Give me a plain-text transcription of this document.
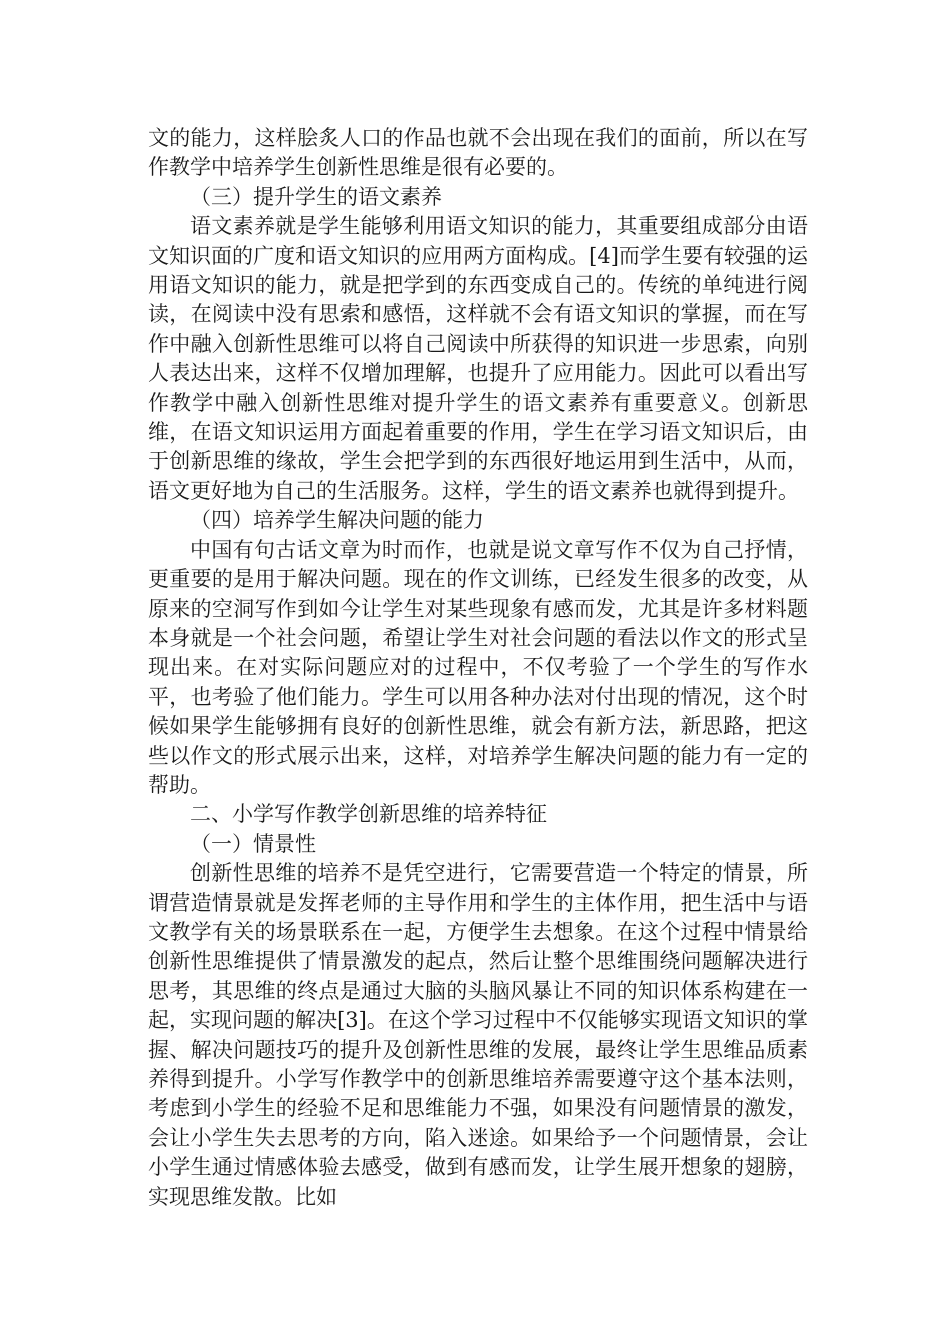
文的能力，这样脍炙人口的作品也就不会出现在我们的面前，所以在写作教学中培养学生创新性思维是很有必要的。

（三）提升学生的语文素养

语文素养就是学生能够利用语文知识的能力，其重要组成部分由语文知识面的广度和语文知识的应用两方面构成。[4]而学生要有较强的运用语文知识的能力，就是把学到的东西变成自己的。传统的单纯进行阅读，在阅读中没有思索和感悟，这样就不会有语文知识的掌握，而在写作中融入创新性思维可以将自己阅读中所获得的知识进一步思索，向别人表达出来，这样不仅增加理解，也提升了应用能力。因此可以看出写作教学中融入创新性思维对提升学生的语文素养有重要意义。创新思维，在语文知识运用方面起着重要的作用，学生在学习语文知识后，由于创新思维的缘故，学生会把学到的东西很好地运用到生活中，从而，语文更好地为自己的生活服务。这样，学生的语文素养也就得到提升。

（四）培养学生解决问题的能力

中国有句古话文章为时而作，也就是说文章写作不仅为自己抒情，更重要的是用于解决问题。现在的作文训练，已经发生很多的改变，从原来的空洞写作到如今让学生对某些现象有感而发，尤其是许多材料题本身就是一个社会问题，希望让学生对社会问题的看法以作文的形式呈现出来。在对实际问题应对的过程中，不仅考验了一个学生的写作水平，也考验了他们能力。学生可以用各种办法对付出现的情况，这个时候如果学生能够拥有良好的创新性思维，就会有新方法，新思路，把这些以作文的形式展示出来，这样，对培养学生解决问题的能力有一定的帮助。

二、小学写作教学创新思维的培养特征

（一）情景性

创新性思维的培养不是凭空进行，它需要营造一个特定的情景，所谓营造情景就是发挥老师的主导作用和学生的主体作用，把生活中与语文教学有关的场景联系在一起，方便学生去想象。在这个过程中情景给创新性思维提供了情景激发的起点，然后让整个思维围绕问题解决进行思考，其思维的终点是通过大脑的头脑风暴让不同的知识体系构建在一起，实现问题的解决[3]。在这个学习过程中不仅能够实现语文知识的掌握、解决问题技巧的提升及创新性思维的发展，最终让学生思维品质素养得到提升。小学写作教学中的创新思维培养需要遵守这个基本法则，考虑到小学生的经验不足和思维能力不强，如果没有问题情景的激发，会让小学生失去思考的方向，陷入迷途。如果给予一个问题情景，会让小学生通过情感体验去感受，做到有感而发，让学生展开想象的翅膀，实现思维发散。比如
